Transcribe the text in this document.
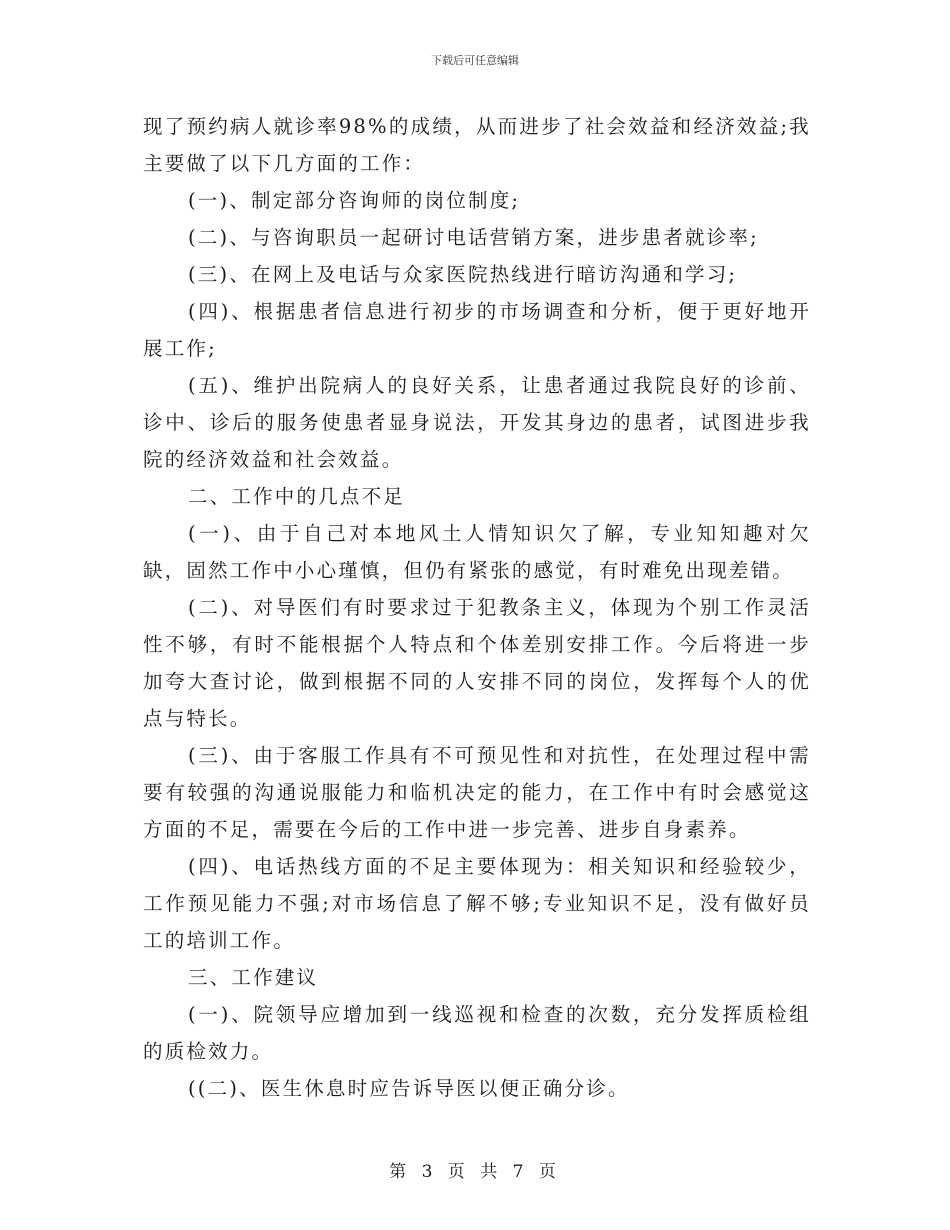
下载后可任意编辑

现了预约病人就诊率98%的成绩，从而进步了社会效益和经济效益;我主要做了以下几方面的工作：

(一)、制定部分咨询师的岗位制度;

(二)、与咨询职员一起研讨电话营销方案，进步患者就诊率;

(三)、在网上及电话与众家医院热线进行暗访沟通和学习;

(四)、根据患者信息进行初步的市场调查和分析，便于更好地开展工作;

(五)、维护出院病人的良好关系，让患者通过我院良好的诊前、诊中、诊后的服务使患者显身说法，开发其身边的患者，试图进步我院的经济效益和社会效益。

二、工作中的几点不足

(一)、由于自己对本地风土人情知识欠了解，专业知知趣对欠缺，固然工作中小心瑾慎，但仍有紧张的感觉，有时难免出现差错。

(二)、对导医们有时要求过于犯教条主义，体现为个别工作灵活性不够，有时不能根据个人特点和个体差别安排工作。今后将进一步加夸大查讨论，做到根据不同的人安排不同的岗位，发挥每个人的优点与特长。

(三)、由于客服工作具有不可预见性和对抗性，在处理过程中需要有较强的沟通说服能力和临机决定的能力，在工作中有时会感觉这方面的不足，需要在今后的工作中进一步完善、进步自身素养。

(四)、电话热线方面的不足主要体现为：相关知识和经验较少，工作预见能力不强;对市场信息了解不够;专业知识不足，没有做好员工的培训工作。

三、工作建议

(一)、院领导应增加到一线巡视和检查的次数，充分发挥质检组的质检效力。

((二)、医生休息时应告诉导医以便正确分诊。

第 3 页 共 7 页
